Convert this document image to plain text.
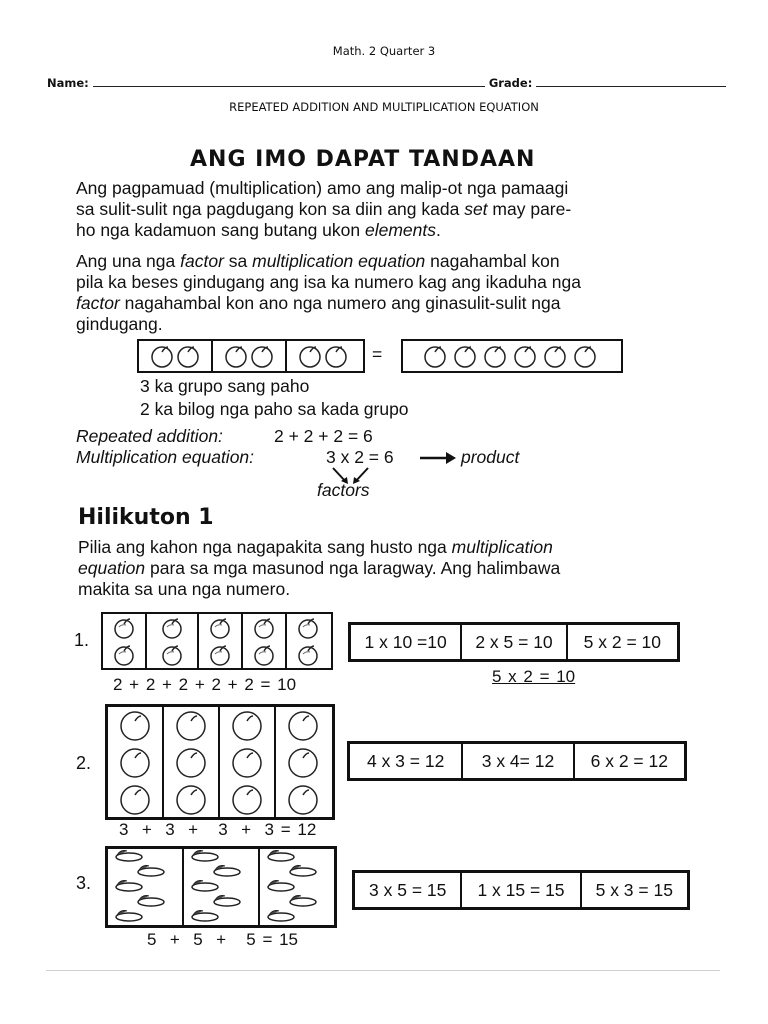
Math. 2 Quarter 3
Name:	Grade:
REPEATED ADDITION AND MULTIPLICATION EQUATION
ANG IMO DAPAT TANDAAN
Ang pagpamuad (multiplication) amo ang malip-ot nga pamaagi
sa sulit-sulit nga pagdugang kon sa diin ang kada set may pare-
ho nga kadamuon sang butang ukon elements.
Ang una nga factor sa multiplication equation nagahambal kon
pila ka beses gindugang ang isa ka numero kag ang ikaduha nga
factor nagahambal kon ano nga numero ang ginasulit-sulit nga
gindugang.
=
3 ka grupo sang paho
2 ka bilog nga paho sa kada grupo
Repeated addition:	2 + 2 + 2 = 6
Multiplication equation:	3 x 2 = 6	product
factors
Hilikuton 1
Pilia ang kahon nga nagapakita sang husto nga multiplication
equation para sa mga masunod nga laragway. Ang halimbawa
makita sa una nga numero.
1.
2 + 2 + 2 + 2 + 2 = 10
1 x 10 =10	2 x 5 = 10	5 x 2 = 10
5 x 2 = 10
2.
3  +  3  +   3  +  3 = 12
4 x 3 = 12	3 x 4= 12	6 x 2 = 12
3.
5  +  5  +   5 = 15
3 x 5 = 15	1 x 15 = 15	5 x 3 = 15
